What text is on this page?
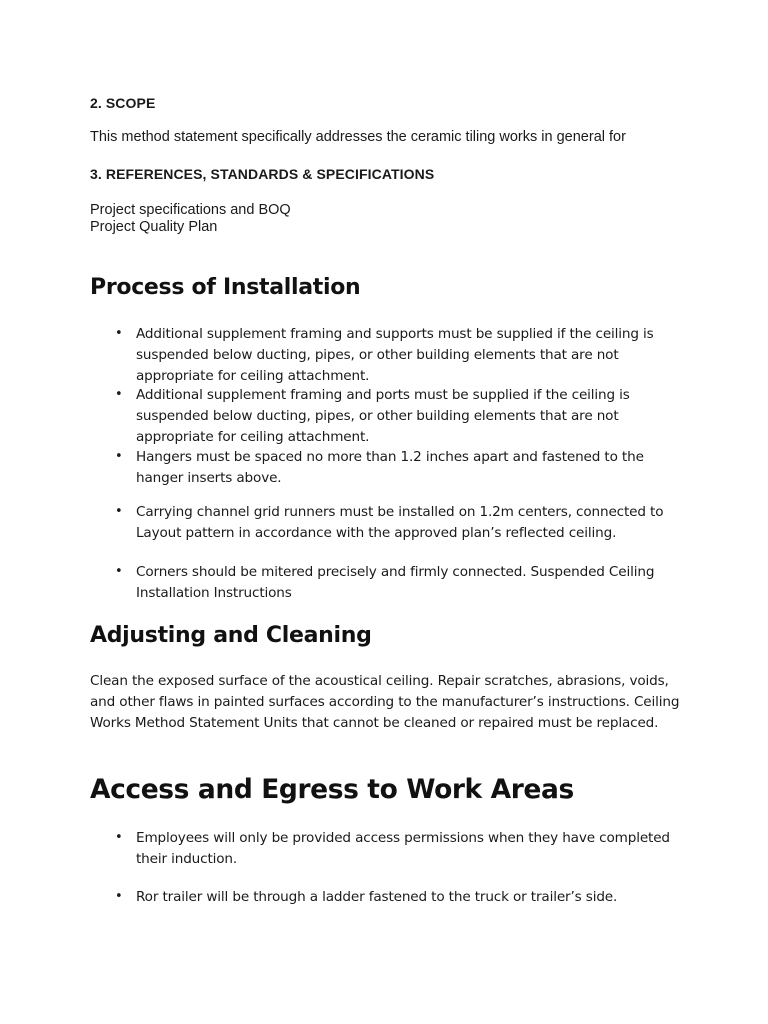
2. SCOPE

This method statement specifically addresses the ceramic tiling works in general for

3. REFERENCES, STANDARDS & SPECIFICATIONS

Project specifications and BOQ

Project Quality Plan

Process of Installation
• Additional supplement framing and supports must be supplied if the ceiling is suspended below ducting, pipes, or other building elements that are not appropriate for ceiling attachment.
• Additional supplement framing and ports must be supplied if the ceiling is suspended below ducting, pipes, or other building elements that are not appropriate for ceiling attachment.
• Hangers must be spaced no more than 1.2 inches apart and fastened to the hanger inserts above.
• Carrying channel grid runners must be installed on 1.2m centers, connected to Layout pattern in accordance with the approved plan’s reflected ceiling.
• Corners should be mitered precisely and firmly connected. Suspended Ceiling Installation Instructions
Adjusting and Cleaning

Clean the exposed surface of the acoustical ceiling. Repair scratches, abrasions, voids, and other flaws in painted surfaces according to the manufacturer’s instructions. Ceiling Works Method Statement Units that cannot be cleaned or repaired must be replaced.

Access and Egress to Work Areas
• Employees will only be provided access permissions when they have completed their induction.
• Ror trailer will be through a ladder fastened to the truck or trailer’s side.
